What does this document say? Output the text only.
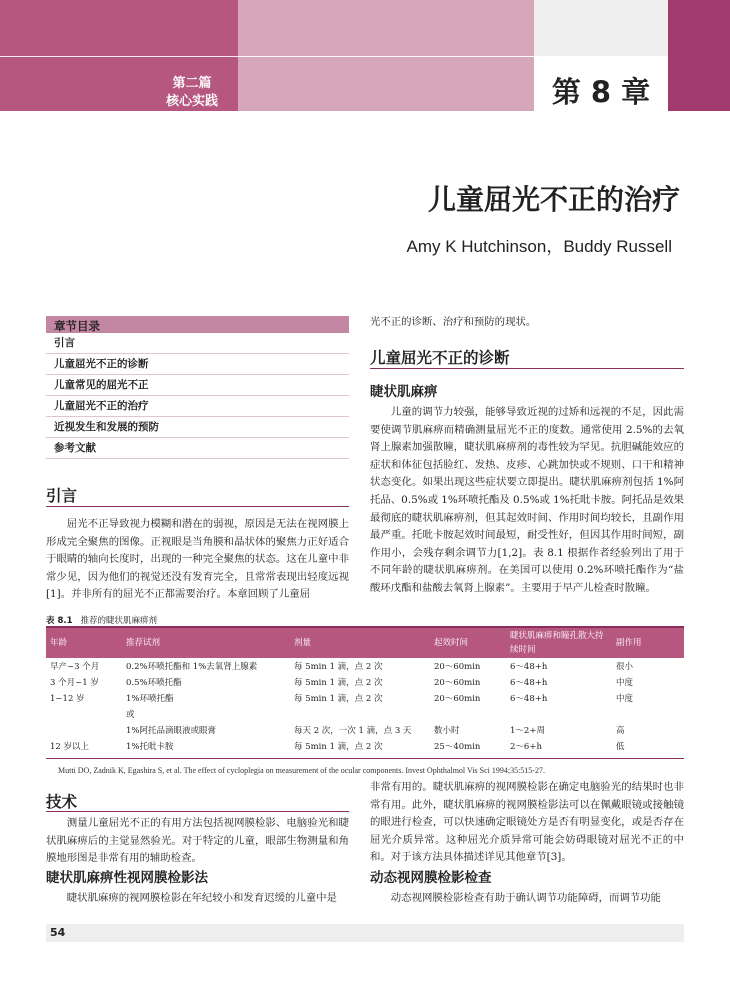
第二篇
核心实践	第 8 章
儿童屈光不正的治疗
Amy K Hutchinson，Buddy Russell
章节目录
引言
儿童屈光不正的诊断
儿童常见的屈光不正
儿童屈光不正的治疗
近视发生和发展的预防
参考文献
引言

屈光不正导致视力模糊和潜在的弱视，原因是无法在视网膜上形成完全聚焦的图像。正视眼是当角膜和晶状体的聚焦力正好适合于眼睛的轴向长度时，出现的一种完全聚焦的状态。这在儿童中非常少见，因为他们的视觉还没有发育完全，且常常表现出轻度远视[1]。并非所有的屈光不正都需要治疗。本章回顾了儿童屈

光不正的诊断、治疗和预防的现状。

儿童屈光不正的诊断
睫状肌麻痹

儿童的调节力较强，能够导致近视的过矫和远视的不足，因此需要使调节肌麻痹而精确测量屈光不正的度数。通常使用 2.5%的去氧肾上腺素加强散瞳，睫状肌麻痹剂的毒性较为罕见。抗胆碱能效应的症状和体征包括脸红、发热、皮疹、心跳加快或不规则、口干和精神状态变化。如果出现这些症状要立即提出。睫状肌麻痹剂包括 1%阿托品、0.5%或 1%环喷托酯及 0.5%或 1%托吡卡胺。阿托品是效果最彻底的睫状肌麻痹剂，但其起效时间、作用时间均较长，且副作用最严重。托吡卡胺起效时间最短，耐受性好，但因其作用时间短，副作用小，会残存剩余调节力[1,2]。表 8.1 根据作者经验列出了用于不同年龄的睫状肌麻痹剂。在美国可以使用 0.2%环喷托酯作为“盐酸环戊酯和盐酸去氧肾上腺素”。主要用于早产儿检查时散瞳。

表 8.1 推荐的睫状肌麻痹剂
年龄	推荐试剂	剂量	起效时间	睫状肌麻痹和瞳孔散大持续时间	副作用
早产~3 个月	0.2%环喷托酯和 1%去氧肾上腺素	每 5min 1 滴，点 2 次	20～60min	6～48+h	很小
3 个月~1 岁	0.5%环喷托酯	每 5min 1 滴，点 2 次	20～60min	6～48+h	中度
1~12 岁	1%环喷托酯	每 5min 1 滴，点 2 次	20～60min	6～48+h	中度
	或				
	1%阿托品滴眼液或眼膏	每天 2 次，一次 1 滴，点 3 天	数小时	1～2+周	高
12 岁以上	1%托吡卡胺	每 5min 1 滴，点 2 次	25～40min	2～6+h	低
Mutti DO, Zadnik K, Egashira S, et al. The effect of cycloplegia on measurement of the ocular components. Invest Ophthalmol Vis Sci 1994;35:515-27.
技术

测量儿童屈光不正的有用方法包括视网膜检影、电脑验光和睫状肌麻痹后的主觉显然验光。对于特定的儿童，眼部生物测量和角膜地形图是非常有用的辅助检查。

睫状肌麻痹性视网膜检影法

睫状肌麻痹的视网膜检影在年纪较小和发育迟缓的儿童中是

非常有用的。睫状肌麻痹的视网膜检影在确定电脑验光的结果时也非常有用。此外，睫状肌麻痹的视网膜检影法可以在佩戴眼镜或接触镜的眼进行检查，可以快速确定眼镜处方是否有明显变化，或是否存在屈光介质异常。这种屈光介质异常可能会妨碍眼镜对屈光不正的中和。对于该方法具体描述详见其他章节[3]。

动态视网膜检影检查

动态视网膜检影检查有助于确认调节功能障碍，而调节功能

54
